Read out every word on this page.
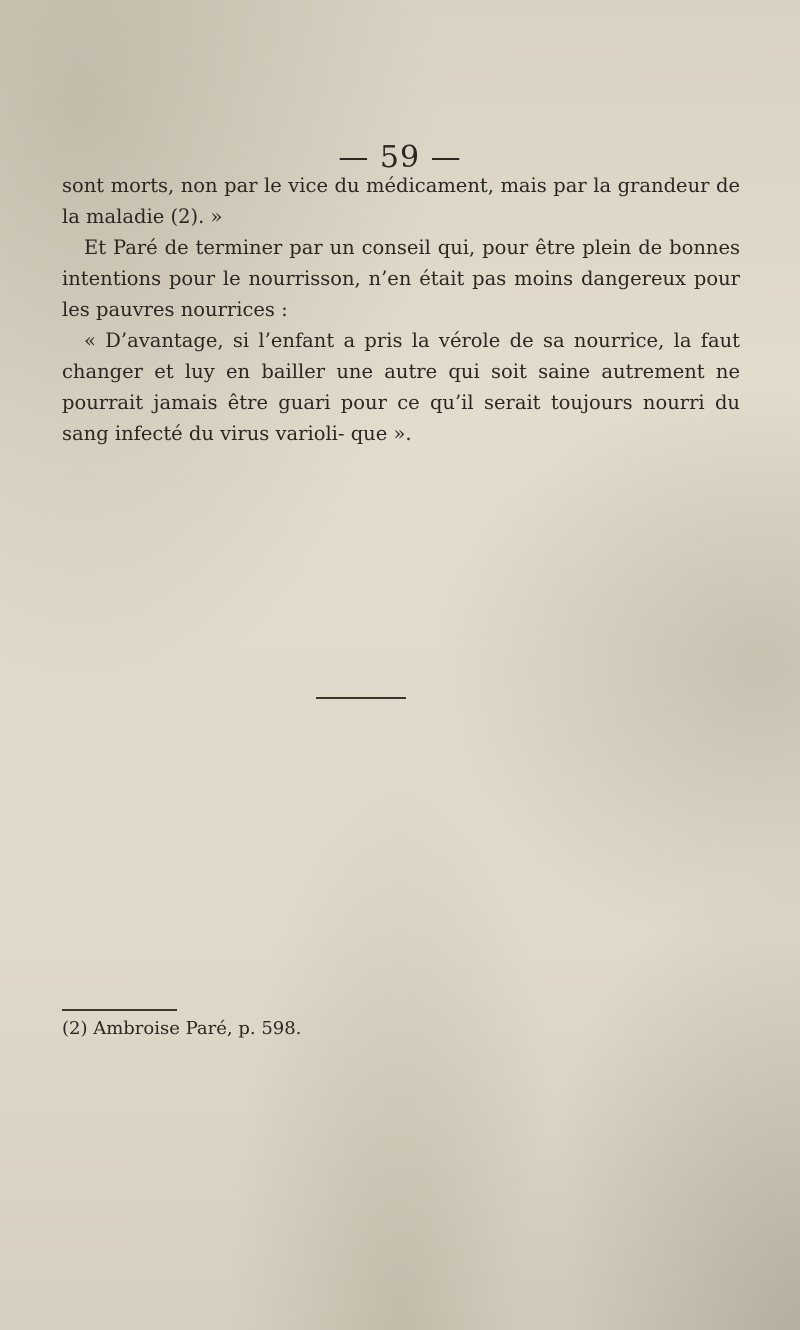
— 59 —

sont morts, non par le vice du médicament, mais par la grandeur de la maladie (2). »

Et Paré de terminer par un conseil qui, pour être plein de bonnes intentions pour le nourrisson, n’en était pas moins dangereux pour les pauvres nourrices :

« D’avantage, si l’enfant a pris la vérole de sa nourrice, la faut changer et luy en bailler une autre qui soit saine autrement ne pourrait jamais être guari pour ce qu’il serait toujours nourri du sang infecté du virus varioli- que ».

(2) Ambroise Paré, p. 598.
